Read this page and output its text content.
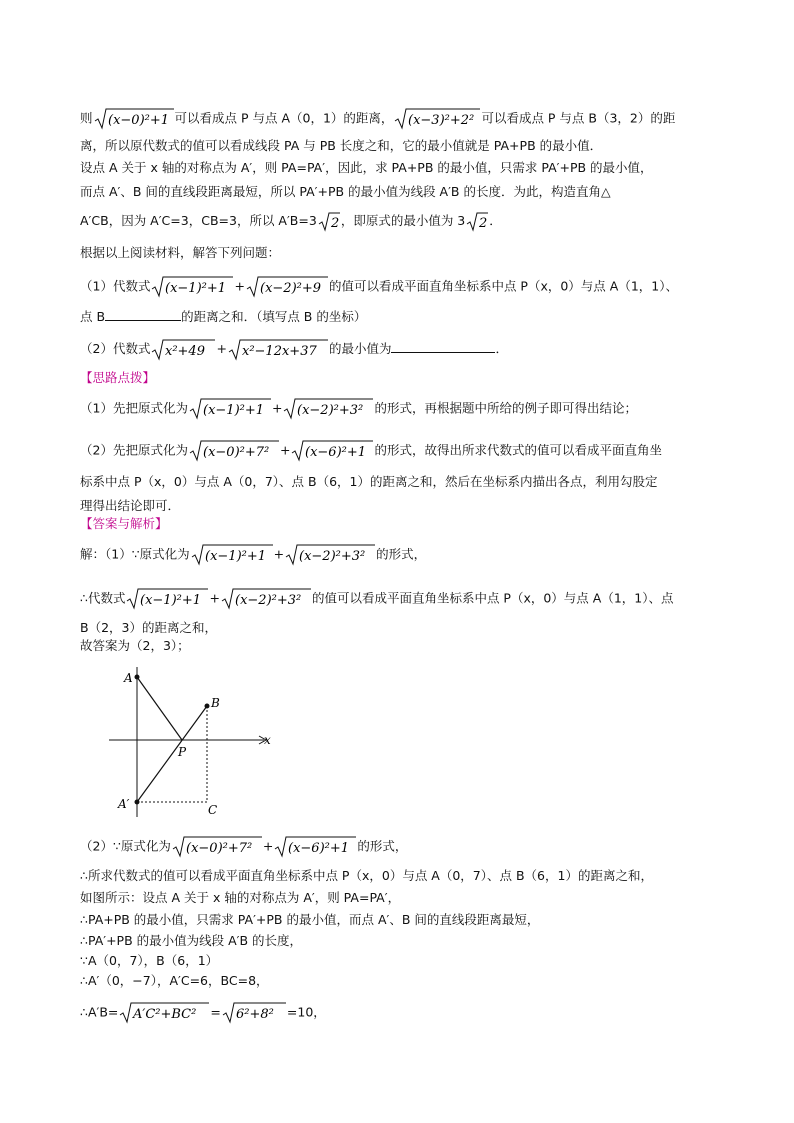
则 (x−0)²+1 可以看成点 P 与点 A（0，1）的距离， (x−3)²+2² 可以看成点 P 与点 B（3，2）的距
离，所以原代数式的值可以看成线段 PA 与 PB 长度之和，它的最小值就是 PA+PB 的最小值．
设点 A 关于 x 轴的对称点为 A′，则 PA=PA′，因此，求 PA+PB 的最小值，只需求 PA′+PB 的最小值，
而点 A′、B 间的直线段距离最短，所以 PA′+PB 的最小值为线段 A′B 的长度．为此，构造直角△
A′CB，因为 A′C=3，CB=3，所以 A′B=3 2 ，即原式的最小值为 3 2 ．
根据以上阅读材料，解答下列问题：
（1）代数式 (x−1)²+1 + (x−2)²+9 的值可以看成平面直角坐标系中点 P（x，0）与点 A（1，1）、
点 B	的距离之和．（填写点 B 的坐标）
（2）代数式 x²+49 + x²−12x+37 的最小值为	．
【思路点拨】
（1）先把原式化为 (x−1)²+1 + (x−2)²+3² 的形式，再根据题中所给的例子即可得出结论；
（2）先把原式化为 (x−0)²+7² + (x−6)²+1 的形式，故得出所求代数式的值可以看成平面直角坐
标系中点 P（x，0）与点 A（0，7）、点 B（6，1）的距离之和，然后在坐标系内描出各点，利用勾股定
理得出结论即可．
【答案与解析】
解：（1）∵原式化为 (x−1)²+1 + (x−2)²+3² 的形式，
∴代数式 (x−1)²+1 + (x−2)²+3² 的值可以看成平面直角坐标系中点 P（x，0）与点 A（1，1）、点
B（2，3）的距离之和，
故答案为（2，3）；
A
B
P
A′	C
x
（2）∵原式化为 (x−0)²+7² + (x−6)²+1 的形式，
∴所求代数式的值可以看成平面直角坐标系中点 P（x，0）与点 A（0，7）、点 B（6，1）的距离之和，
如图所示：设点 A 关于 x 轴的对称点为 A′，则 PA=PA′，
∴PA+PB 的最小值，只需求 PA′+PB 的最小值，而点 A′、B 间的直线段距离最短，
∴PA′+PB 的最小值为线段 A′B 的长度，
∵A（0，7），B（6，1）
∴A′（0，−7），A′C=6，BC=8，
∴A′B= A′C²+BC² = 6²+8² =10，
